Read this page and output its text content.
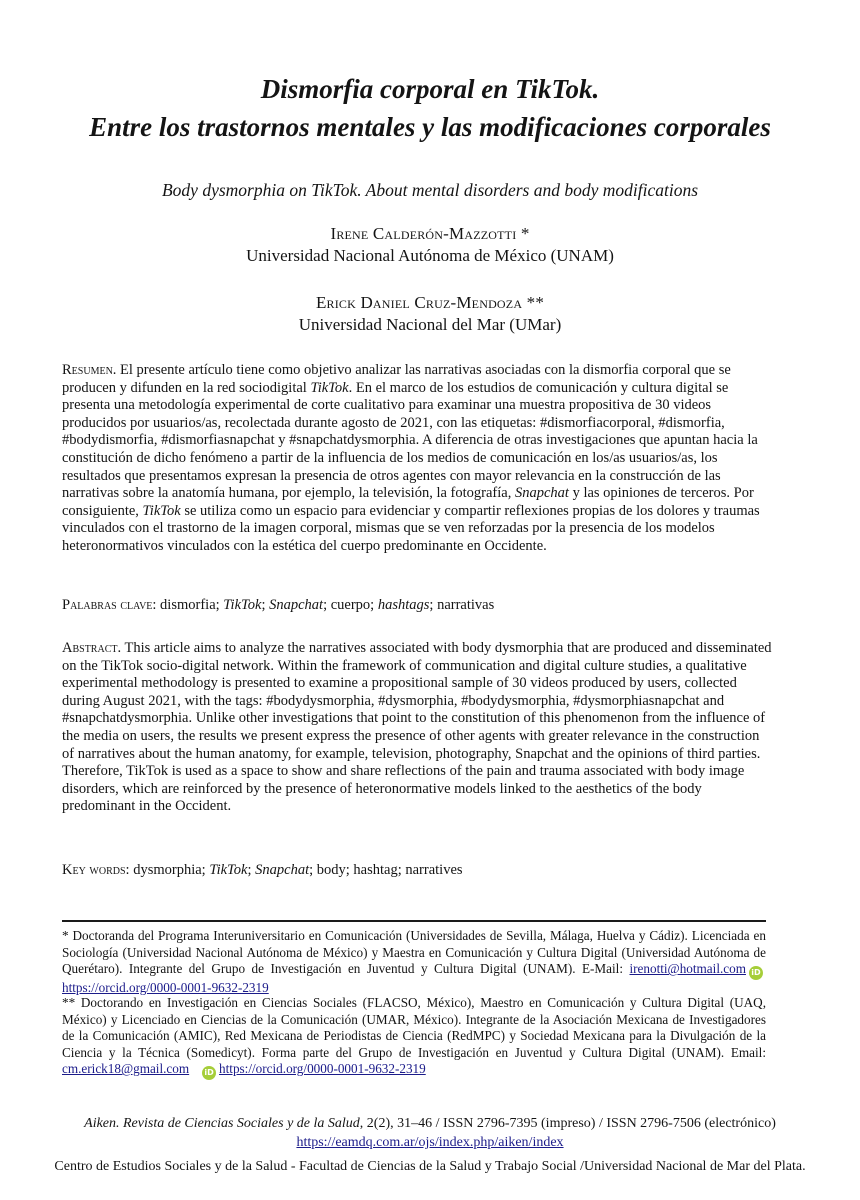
Dismorfia corporal en TikTok.
Entre los trastornos mentales y las modificaciones corporales
Body dysmorphia on TikTok. About mental disorders and body modifications
Irene Calderón-Mazzotti *
Universidad Nacional Autónoma de México (UNAM)
Erick Daniel Cruz-Mendoza **
Universidad Nacional del Mar (UMar)

Resumen. El presente artículo tiene como objetivo analizar las narrativas asociadas con la dismorfia corporal que se producen y difunden en la red sociodigital TikTok. En el marco de los estudios de comunicación y cultura digital se presenta una metodología experimental de corte cualitativo para examinar una muestra propositiva de 30 videos producidos por usuarios/as, recolectada durante agosto de 2021, con las etiquetas: #dismorfiacorporal, #dismorfia, #bodydismorfia, #dismorfiasnapchat y #snapchatdysmorphia. A diferencia de otras investigaciones que apuntan hacia la constitución de dicho fenómeno a partir de la influencia de los medios de comunicación en los/as usuarios/as, los resultados que presentamos expresan la presencia de otros agentes con mayor relevancia en la construcción de las narrativas sobre la anatomía humana, por ejemplo, la televisión, la fotografía, Snapchat y las opiniones de terceros. Por consiguiente, TikTok se utiliza como un espacio para evidenciar y compartir reflexiones propias de los dolores y traumas vinculados con el trastorno de la imagen corporal, mismas que se ven reforzadas por la presencia de los modelos heteronormativos vinculados con la estética del cuerpo predominante en Occidente.

Palabras clave: dismorfia; TikTok; Snapchat; cuerpo; hashtags; narrativas

Abstract. This article aims to analyze the narratives associated with body dysmorphia that are produced and disseminated on the TikTok socio-digital network. Within the framework of communication and digital culture studies, a qualitative experimental methodology is presented to examine a propositional sample of 30 videos produced by users, collected during August 2021, with the tags: #bodydysmorphia, #dysmorphia, #bodydysmorphia, #dysmorphiasnapchat and #snapchatdysmorphia. Unlike other investigations that point to the constitution of this phenomenon from the influence of the media on users, the results we present express the presence of other agents with greater relevance in the construction of narratives about the human anatomy, for example, television, photography, Snapchat and the opinions of third parties. Therefore, TikTok is used as a space to show and share reflections of the pain and trauma associated with body image disorders, which are reinforced by the presence of heteronormative models linked to the aesthetics of the body predominant in the Occident.

Key words: dysmorphia; TikTok; Snapchat; body; hashtag; narratives

* Doctoranda del Programa Interuniversitario en Comunicación (Universidades de Sevilla, Málaga, Huelva y Cádiz). Licenciada en Sociología (Universidad Nacional Autónoma de México) y Maestra en Comunicación y Cultura Digital (Universidad Autónoma de Querétaro). Integrante del Grupo de Investigación en Juventud y Cultura Digital (UNAM). E-Mail: irenotti@hotmail.com iDhttps://orcid.org/0000-0001-9632-2319

** Doctorando en Investigación en Ciencias Sociales (FLACSO, México), Maestro en Comunicación y Cultura Digital (UAQ, México) y Licenciado en Ciencias de la Comunicación (UMAR, México). Integrante de la Asociación Mexicana de Investigadores de la Comunicación (AMIC), Red Mexicana de Periodistas de Ciencia (RedMPC) y Sociedad Mexicana para la Divulgación de la Ciencia y la Técnica (Somedicyt). Forma parte del Grupo de Investigación en Juventud y Cultura Digital (UNAM). Email: cm.erick18@gmail.com iD https://orcid.org/0000-0001-9632-2319

Aiken. Revista de Ciencias Sociales y de la Salud, 2(2), 31–46 / ISSN 2796-7395 (impreso) / ISSN 2796-7506 (electrónico)
https://eamdq.com.ar/ojs/index.php/aiken/index
Centro de Estudios Sociales y de la Salud - Facultad de Ciencias de la Salud y Trabajo Social /Universidad Nacional de Mar del Plata.
